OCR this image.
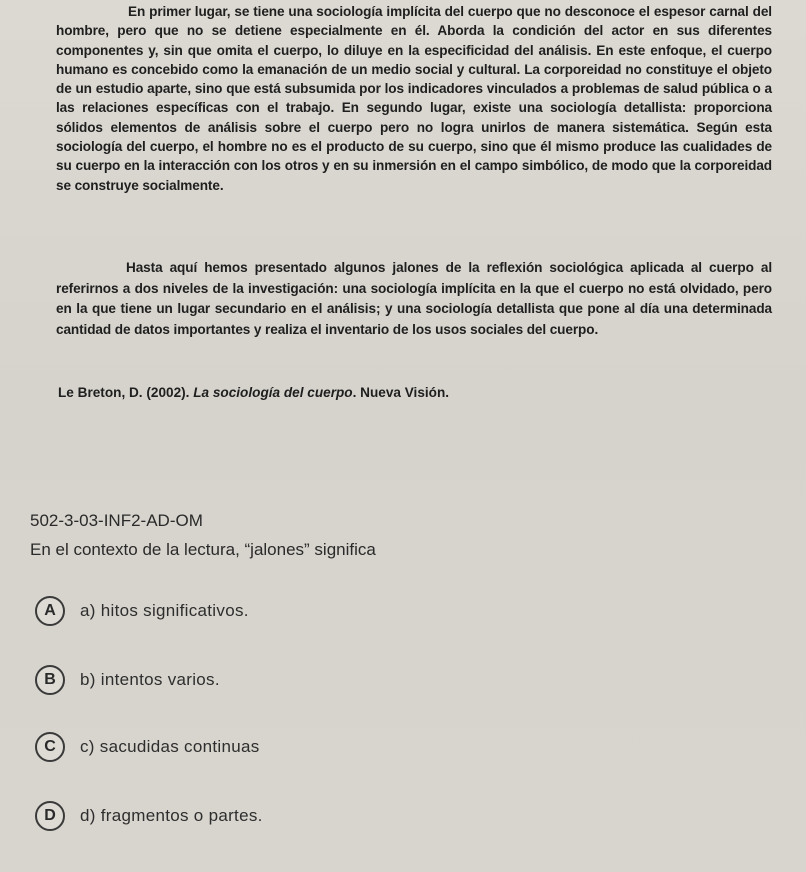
En primer lugar, se tiene una sociología implícita del cuerpo que no desconoce el espesor carnal del hombre, pero que no se detiene especialmente en él. Aborda la condición del actor en sus diferentes componentes y, sin que omita el cuerpo, lo diluye en la especificidad del análisis. En este enfoque, el cuerpo humano es concebido como la emanación de un medio social y cultural. La corporeidad no constituye el objeto de un estudio aparte, sino que está subsumida por los indicadores vinculados a problemas de salud pública o a las relaciones específicas con el trabajo. En segundo lugar, existe una sociología detallista: proporciona sólidos elementos de análisis sobre el cuerpo pero no logra unirlos de manera sistemática. Según esta sociología del cuerpo, el hombre no es el producto de su cuerpo, sino que él mismo produce las cualidades de su cuerpo en la interacción con los otros y en su inmersión en el campo simbólico, de modo que la corporeidad se construye socialmente.
Hasta aquí hemos presentado algunos jalones de la reflexión sociológica aplicada al cuerpo al referirnos a dos niveles de la investigación: una sociología implícita en la que el cuerpo no está olvidado, pero en la que tiene un lugar secundario en el análisis; y una sociología detallista que pone al día una determinada cantidad de datos importantes y realiza el inventario de los usos sociales del cuerpo.
Le Breton, D. (2002). La sociología del cuerpo. Nueva Visión.
502-3-03-INF2-AD-OM
En el contexto de la lectura, “jalones” significa
A	a) hitos significativos.
B	b) intentos varios.
C	c) sacudidas continuas
D	d) fragmentos o partes.
